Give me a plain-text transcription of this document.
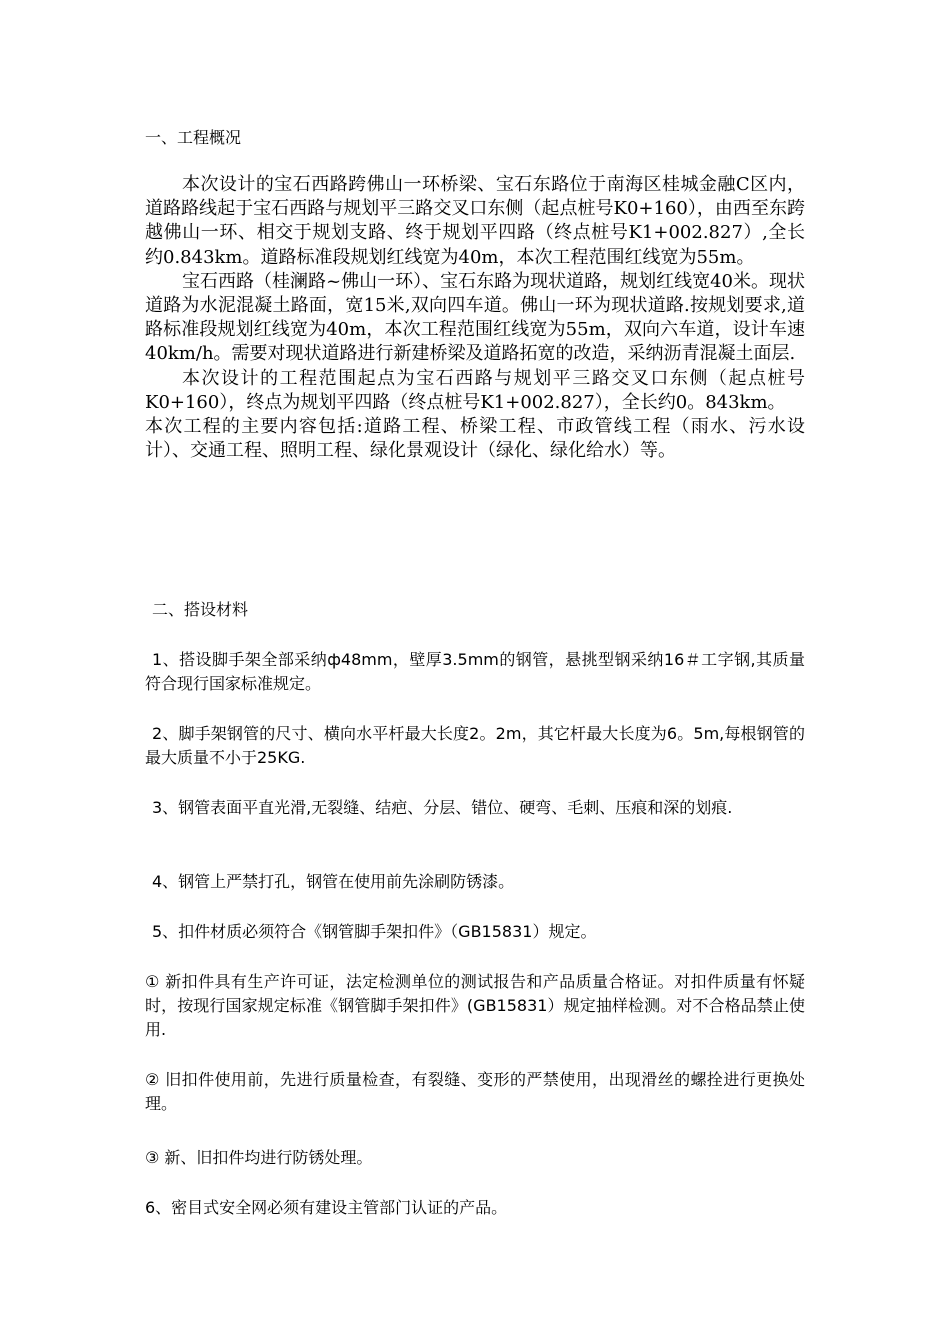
一、工程概况

本次设计的宝石西路跨佛山一环桥梁、宝石东路位于南海区桂城金融C区内，道路路线起于宝石西路与规划平三路交叉口东侧（起点桩号K0+160），由西至东跨越佛山一环、相交于规划支路、终于规划平四路（终点桩号K1+002.827）,全长约0.843km。道路标准段规划红线宽为40m，本次工程范围红线宽为55m。

宝石西路（桂澜路~佛山一环）、宝石东路为现状道路，规划红线宽40米。现状道路为水泥混凝土路面，宽15米,双向四车道。佛山一环为现状道路.按规划要求,道路标准段规划红线宽为40m，本次工程范围红线宽为55m，双向六车道，设计车速40km/h。需要对现状道路进行新建桥梁及道路拓宽的改造，采纳沥青混凝土面层.

本次设计的工程范围起点为宝石西路与规划平三路交叉口东侧（起点桩号K0+160），终点为规划平四路（终点桩号K1+002.827），全长约0。843km。

本次工程的主要内容包括:道路工程、桥梁工程、市政管线工程（雨水、污水设计）、交通工程、照明工程、绿化景观设计（绿化、绿化给水）等。

二、搭设材料

1、搭设脚手架全部采纳ф48mm，壁厚3.5mm的钢管，悬挑型钢采纳16＃工字钢,其质量符合现行国家标准规定。

2、脚手架钢管的尺寸、横向水平杆最大长度2。2m，其它杆最大长度为6。5m,每根钢管的最大质量不小于25KG.

3、钢管表面平直光滑,无裂缝、结疤、分层、错位、硬弯、毛刺、压痕和深的划痕.

4、钢管上严禁打孔，钢管在使用前先涂刷防锈漆。

5、扣件材质必须符合《钢管脚手架扣件》（GB15831）规定。

① 新扣件具有生产许可证，法定检测单位的测试报告和产品质量合格证。对扣件质量有怀疑时，按现行国家规定标准《钢管脚手架扣件》(GB15831）规定抽样检测。对不合格品禁止使用.

② 旧扣件使用前，先进行质量检查，有裂缝、变形的严禁使用，出现滑丝的螺拴进行更换处理。

③ 新、旧扣件均进行防锈处理。

6、密目式安全网必须有建设主管部门认证的产品。
